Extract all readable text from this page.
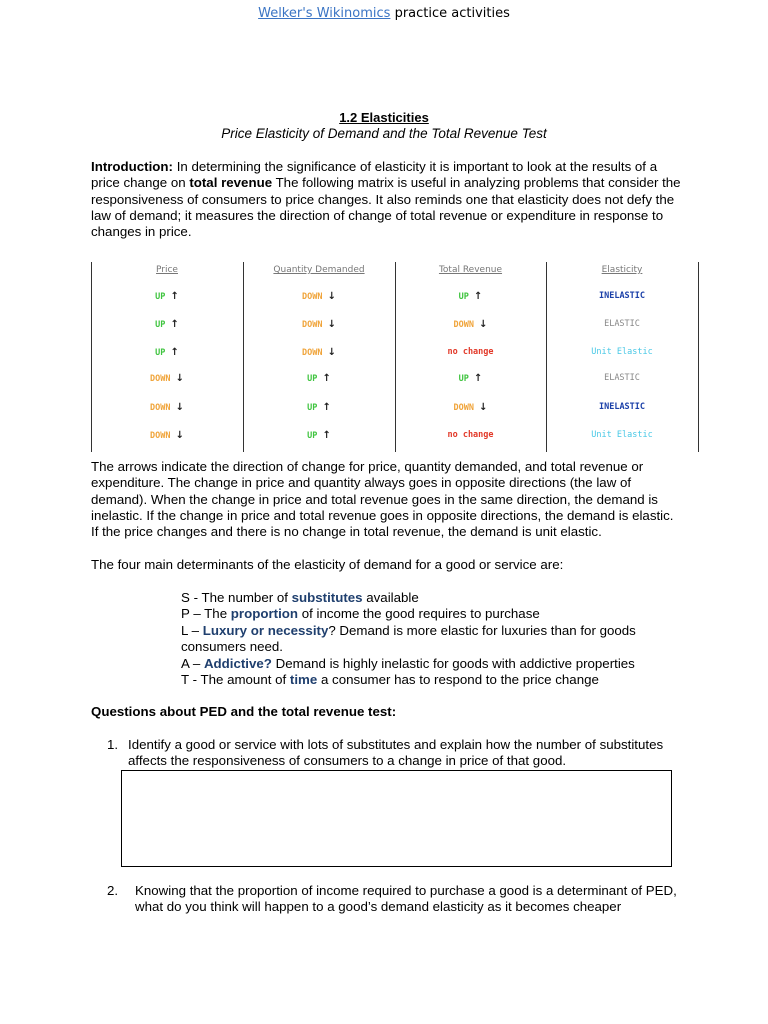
Welker's Wikinomics practice activities
1.2 Elasticities
Price Elasticity of Demand and the Total Revenue Test
Introduction: In determining the significance of elasticity it is important to look at the results of a price change on total revenue The following matrix is useful in analyzing problems that consider the responsiveness of consumers to price changes. It also reminds one that elasticity does not defy the law of demand; it measures the direction of change of total revenue or expenditure in response to changes in price.
Price	Quantity Demanded	Total Revenue	Elasticity
UP ↑	DOWN ↓	UP ↑	INELASTIC
UP ↑	DOWN ↓	DOWN ↓	ELASTIC
UP ↑	DOWN ↓	no change	Unit Elastic
DOWN ↓	UP ↑	UP ↑	ELASTIC
DOWN ↓	UP ↑	DOWN ↓	INELASTIC
DOWN ↓	UP ↑	no change	Unit Elastic
The arrows indicate the direction of change for price, quantity demanded, and total revenue or expenditure. The change in price and quantity always goes in opposite directions (the law of demand). When the change in price and total revenue goes in the same direction, the demand is inelastic. If the change in price and total revenue goes in opposite directions, the demand is elastic. If the price changes and there is no change in total revenue, the demand is unit elastic.
The four main determinants of the elasticity of demand for a good or service are:
S - The number of substitutes available
P – The proportion of income the good requires to purchase
L – Luxury or necessity? Demand is more elastic for luxuries than for goods consumers need.
A – Addictive? Demand is highly inelastic for goods with addictive properties
T - The amount of time a consumer has to respond to the price change
Questions about PED and the total revenue test:
1. Identify a good or service with lots of substitutes and explain how the number of substitutes affects the responsiveness of consumers to a change in price of that good.
2. Knowing that the proportion of income required to purchase a good is a determinant of PED, what do you think will happen to a good’s demand elasticity as it becomes cheaper
